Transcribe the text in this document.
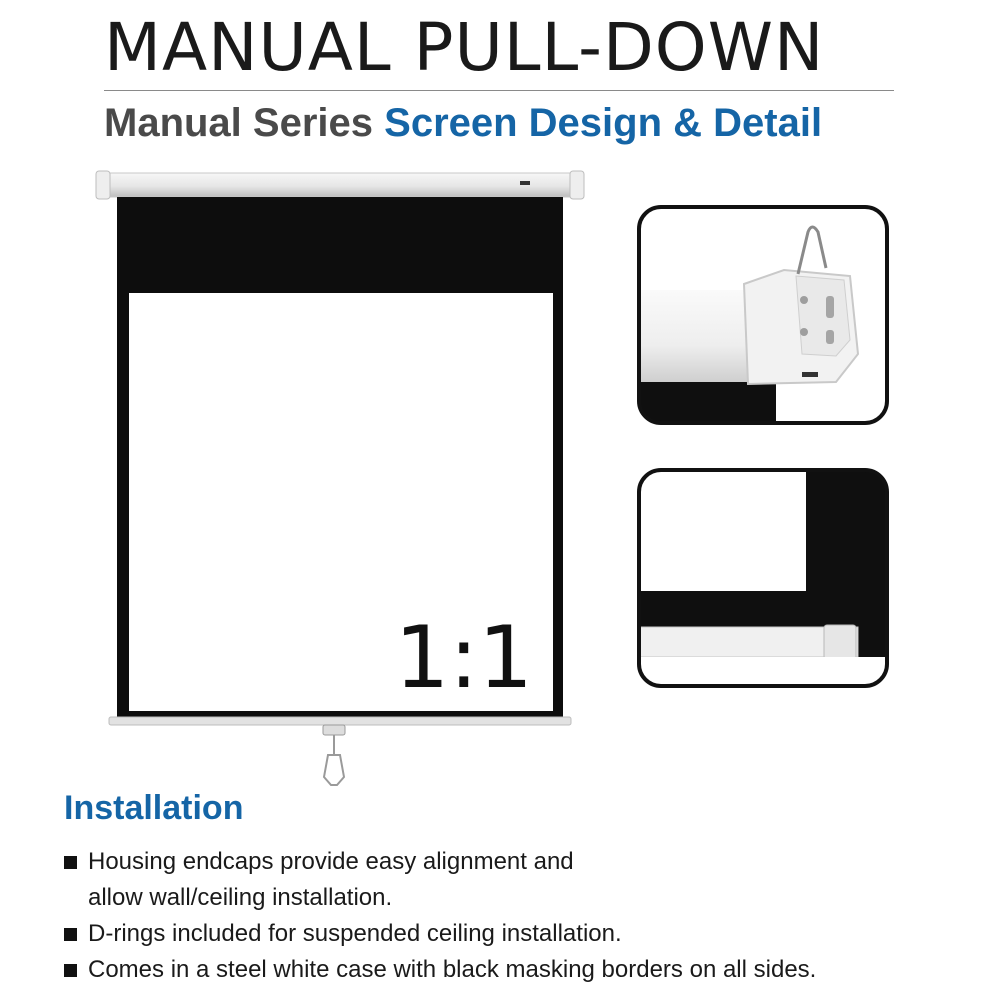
MANUAL PULL-DOWN
Manual Series Screen Design & Detail
1:1
Installation
Housing endcaps provide easy alignment and
allow wall/ceiling installation.
D-rings included for suspended ceiling installation.
Comes in a steel white case with black masking borders on all sides.
